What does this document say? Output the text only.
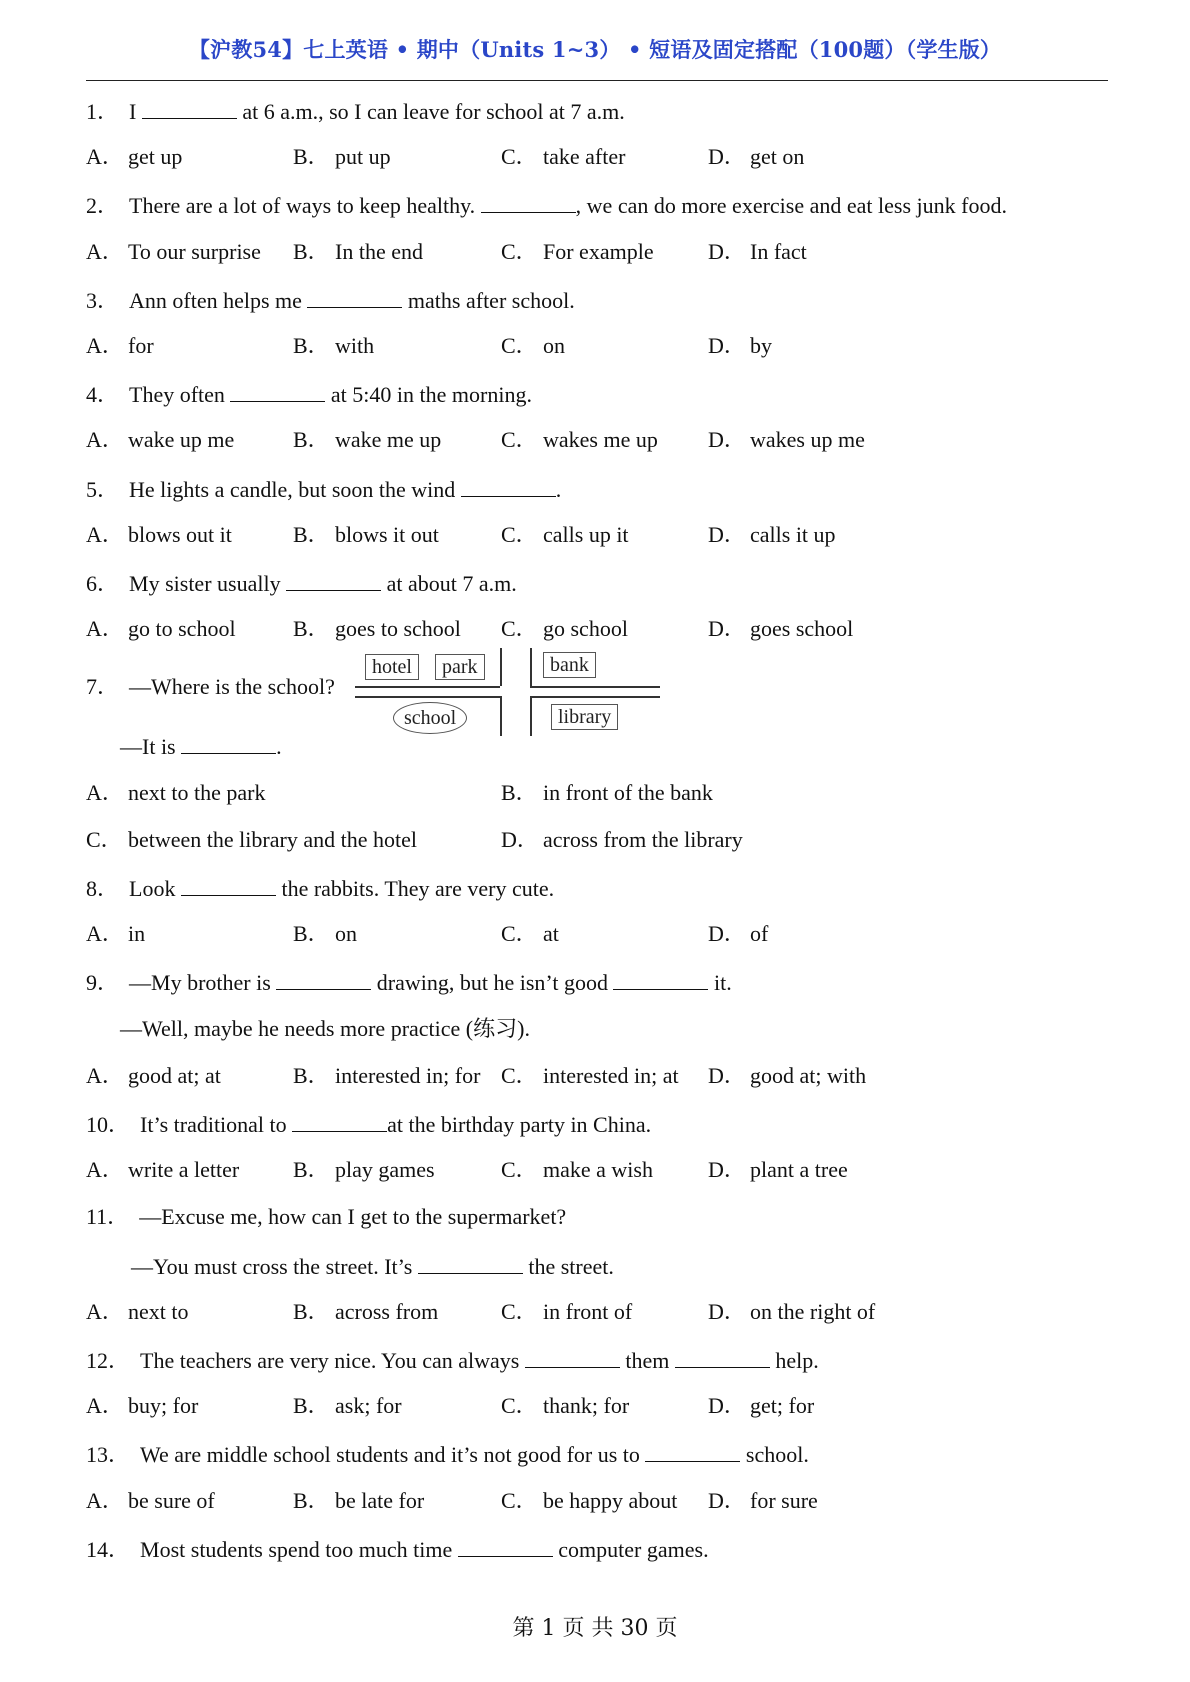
【沪教54】七上英语 • 期中（Units 1~3） • 短语及固定搭配（100题）（学生版）
1． I	at 6 a.m., so I can leave for school at 7 a.m.
A． get up	B． put up	C． take after	D． get on
2． There are a lot of ways to keep healthy.	, we can do more exercise and eat less junk food.
A． To our surprise B． In the end	C． For example D． In fact
3． Ann often helps me	maths after school.
A． for	B． with	C． on	D． by
4． They often	at 5:40 in the morning.
A． wake up me	B． wake me up	C． wakes me up D． wakes up me
5． He lights a candle, but soon the wind	.
A． blows out it	B． blows it out	C． calls up it	D． calls it up
6． My sister usually	at about 7 a.m.
A． go to school	B． goes to school C． go school	D． goes school
7． —Where is the school?
—It is	.
A． next to the park	B． in front of the bank
C． between the library and the hotel	D． across from the library
8． Look	the rabbits. They are very cute.
A． in	B． on	C． at	D． of
9． —My brother is	drawing, but he isn’t good	it.
—Well, maybe he needs more practice (练习).
A． good at; at	B． interested in; for C． interested in; at D． good at; with
10． It’s traditional to	at the birthday party in China.
A． write a letter B． play games	C． make a wish	D． plant a tree
11． —Excuse me, how can I get to the supermarket?
—You must cross the street. It’s	the street.
A． next to	B． across from	C． in front of	D． on the right of
12． The teachers are very nice. You can always	them	help.
A． buy; for	B． ask; for	C． thank; for	D． get; for
13． We are middle school students and it’s not good for us to	school.
A． be sure of	B． be late for	C． be happy about D． for sure
14． Most students spend too much time	computer games.
hotel	park	bank
school	library
第 1 页 共 30 页
